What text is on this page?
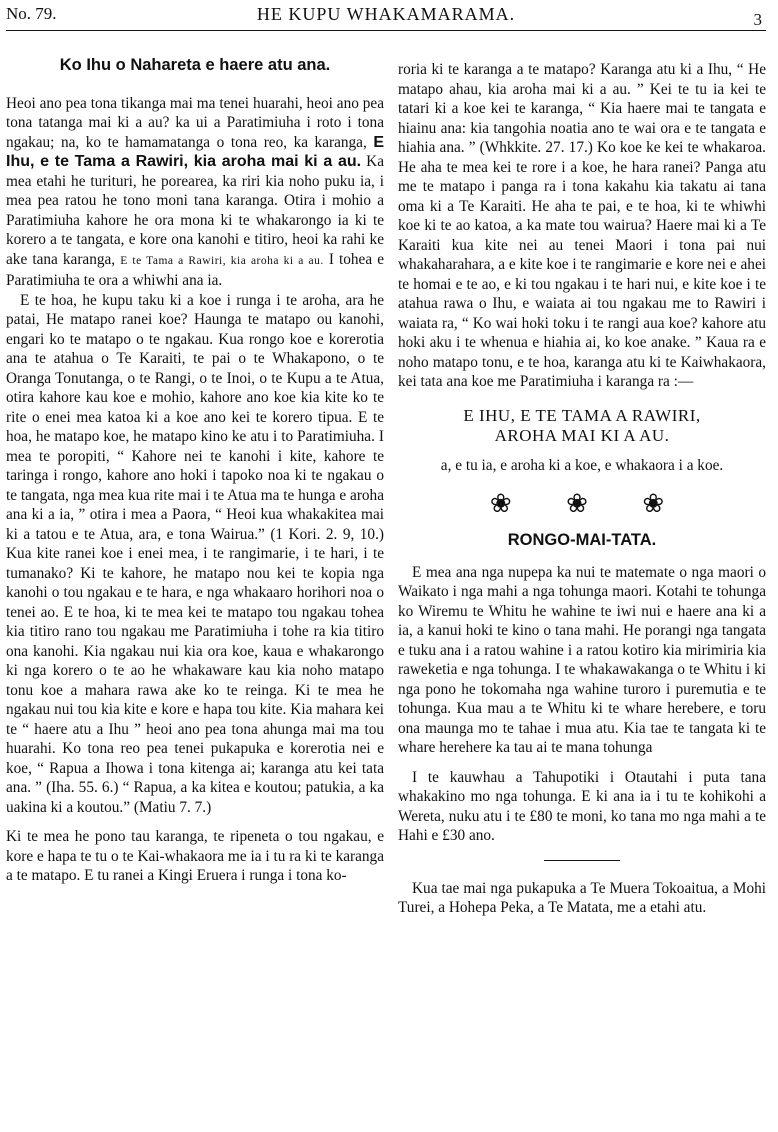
No. 79.	HE KUPU WHAKAMARAMA.	3
Ko Ihu o Nahareta e haere atu ana.

Heoi ano pea tona tikanga mai ma tenei huarahi, heoi ano pea tona tatanga mai ki a au? ka ui a Paratimiuha i roto i tona ngakau; na, ko te hamamatanga o tona reo, ka karanga, E Ihu, e te Tama a Rawiri, kia aroha mai ki a au. Ka mea etahi he turituri, he porearea, ka riri kia noho puku ia, i mea pea ratou he tono moni tana karanga. Otira i mohio a Paratimiuha kahore he ora mona ki te whakarongo ia ki te korero a te tangata, e kore ona kanohi e titiro, heoi ka rahi ke ake tana karanga, E te Tama a Rawiri, kia aroha ki a au. I tohea e Paratimiuha te ora a whiwhi ana ia.

E te hoa, he kupu taku ki a koe i runga i te aroha, ara he patai, He matapo ranei koe? Haunga te matapo ou kanohi, engari ko te matapo o te ngakau. Kua rongo koe e korerotia ana te atahua o Te Karaiti, te pai o te Whakapono, o te Oranga Tonutanga, o te Rangi, o te Inoi, o te Kupu a te Atua, otira kahore kau koe e mohio, kahore ano koe kia kite ko te rite o enei mea katoa ki a koe ano kei te korero tipua. E te hoa, he matapo koe, he matapo kino ke atu i to Paratimiuha. I mea te poropiti, “ Kahore nei te kanohi i kite, kahore te taringa i rongo, kahore ano hoki i tapoko noa ki te ngakau o te tangata, nga mea kua rite mai i te Atua ma te hunga e aroha ana ki a ia, ” otira i mea a Paora, “ Heoi kua whakakitea mai ki a tatou e te Atua, ara, e tona Wairua.” (1 Kori. 2. 9, 10.) Kua kite ranei koe i enei mea, i te rangimarie, i te hari, i te tumanako? Ki te kahore, he matapo nou kei te kopia nga kanohi o tou ngakau e te hara, e nga whakaaro horihori noa o tenei ao. E te hoa, ki te mea kei te matapo tou ngakau tohea kia titiro rano tou ngakau me Paratimiuha i tohe ra kia titiro ona kanohi. Kia ngakau nui kia ora koe, kaua e whakarongo ki nga korero o te ao he whakaware kau kia noho matapo tonu koe a mahara rawa ake ko te reinga. Ki te mea he ngakau nui tou kia kite e kore e hapa tou kite. Kia mahara kei te “ haere atu a Ihu ” heoi ano pea tona ahunga mai ma tou huarahi. Ko tona reo pea tenei pukapuka e korerotia nei e koe, “ Rapua a Ihowa i tona kitenga ai; karanga atu kei tata ana. ” (Iha. 55. 6.) “ Rapua, a ka kitea e koutou; patukia, a ka uakina ki a koutou.” (Matiu 7. 7.)

Ki te mea he pono tau karanga, te ripeneta o tou ngakau, e kore e hapa te tu o te Kai-whakaora me ia i tu ra ki te karanga a te matapo. E tu ranei a Kingi Eruera i runga i tona ko-

roria ki te karanga a te matapo? Karanga atu ki a Ihu, “ He matapo ahau, kia aroha mai ki a au. ” Kei te tu ia kei te tatari ki a koe kei te karanga, “ Kia haere mai te tangata e hiainu ana: kia tangohia noatia ano te wai ora e te tangata e hiahia ana. ” (Whkkite. 27. 17.) Ko koe ke kei te whakaroa. He aha te mea kei te rore i a koe, he hara ranei? Panga atu me te matapo i panga ra i tona kakahu kia takatu ai tana oma ki a Te Karaiti. He aha te pai, e te hoa, ki te whiwhi koe ki te ao katoa, a ka mate tou wairua? Haere mai ki a Te Karaiti kua kite nei au tenei Maori i tona pai nui whakaharahara, a e kite koe i te rangimarie e kore nei e ahei te homai e te ao, e ki tou ngakau i te hari nui, e kite koe i te atahua rawa o Ihu, e waiata ai tou ngakau me to Rawiri i waiata ra, “ Ko wai hoki toku i te rangi aua koe? kahore atu hoki aku i te whenua e hiahia ai, ko koe anake. ” Kaua ra e noho matapo tonu, e te hoa, karanga atu ki te Kaiwhakaora, kei tata ana koe me Paratimiuha i karanga ra :—

E IHU, E TE TAMA A RAWIRI,
AROHA MAI KI A AU.
a, e tu ia, e aroha ki a koe, e whakaora i a koe.
❀ ❀ ❀
RONGO-MAI-TATA.

E mea ana nga nupepa ka nui te matemate o nga maori o Waikato i nga mahi a nga tohunga maori. Kotahi te tohunga ko Wiremu te Whitu he wahine te iwi nui e haere ana ki a ia, a kanui hoki te kino o tana mahi. He porangi nga tangata e tuku ana i a ratou wahine i a ratou kotiro kia mirimiria kia raweketia e nga tohunga. I te whakawakanga o te Whitu i ki nga pono he tokomaha nga wahine turoro i puremutia e te tohunga. Kua mau a te Whitu ki te whare herebere, e toru ona maunga mo te tahae i mua atu. Kia tae te tangata ki te whare herehere ka tau ai te mana tohunga

I te kauwhau a Tahupotiki i Otautahi i puta tana whakakino mo nga tohunga. E ki ana ia i tu te kohikohi a Wereta, nuku atu i te £80 te moni, ko tana mo nga mahi a te Hahi e £30 ano.

Kua tae mai nga pukapuka a Te Muera Tokoaitua, a Mohi Turei, a Hohepa Peka, a Te Matata, me a etahi atu.
